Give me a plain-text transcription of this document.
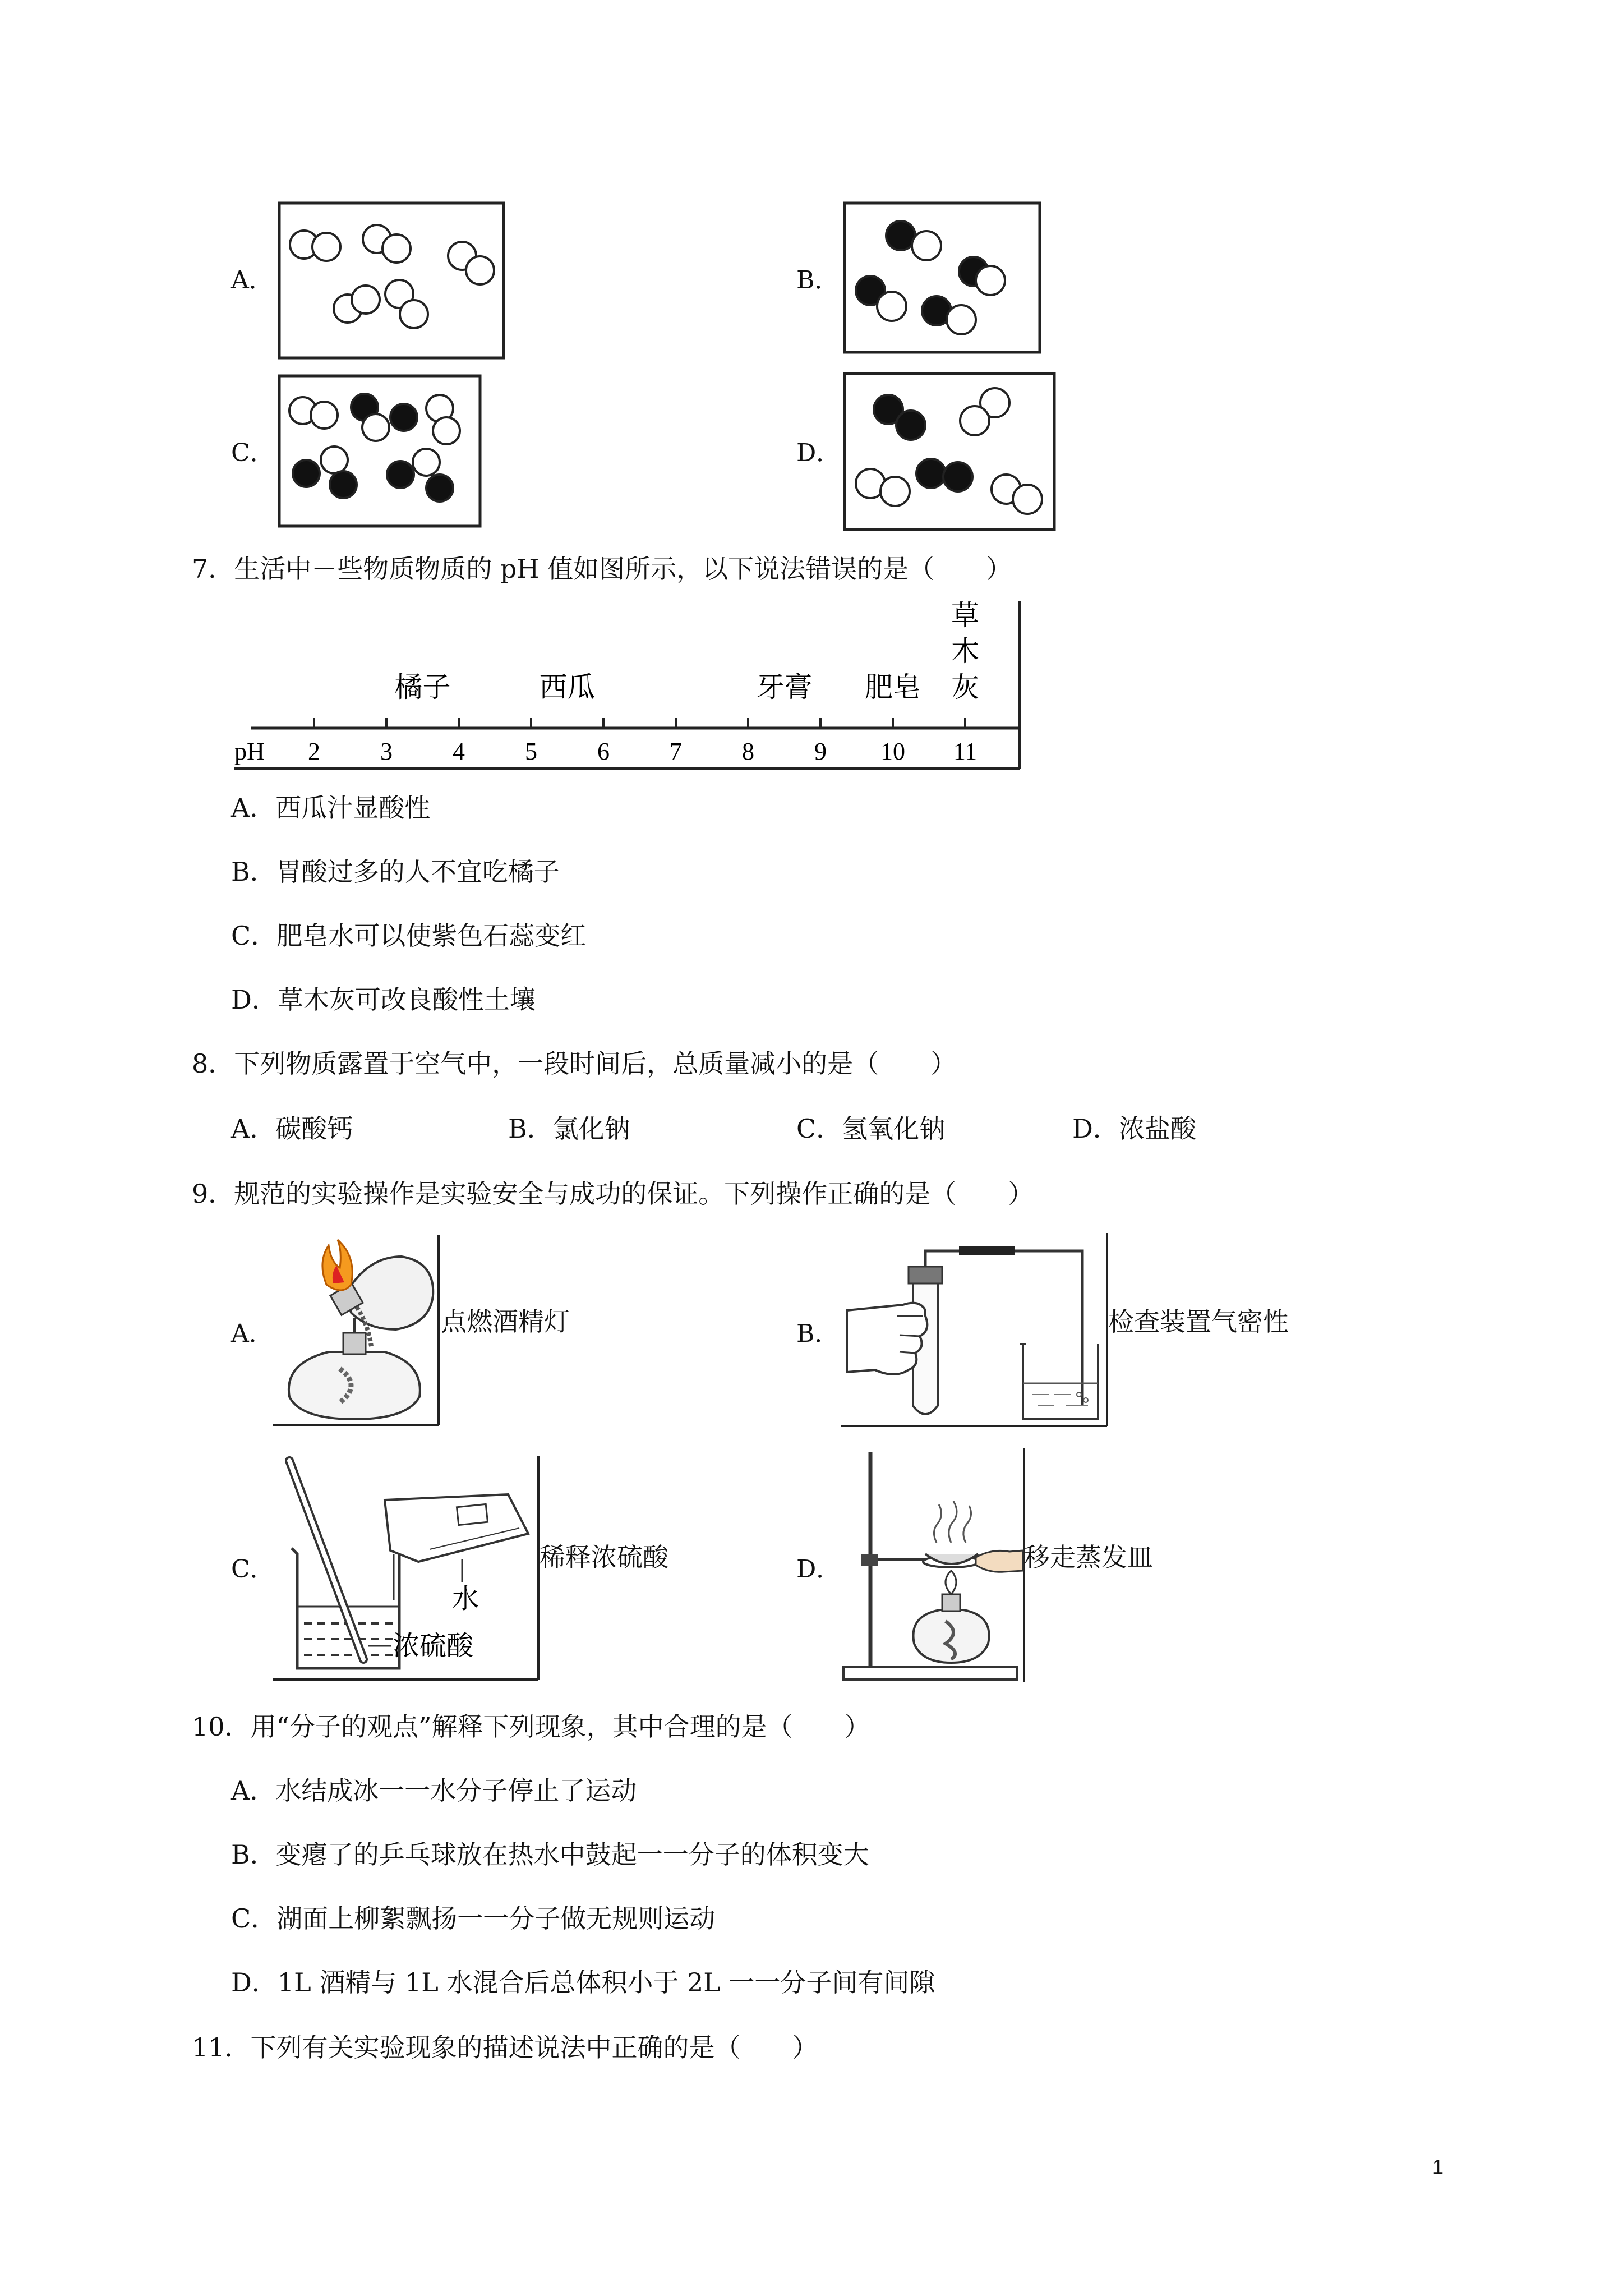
A．	B．
C．	D．
7．生活中－些物质物质的 pH 值如图所示，以下说法错误的是（　　）
2 3 4 5 6 7 8 9 10 11
橘子	西瓜	牙膏 肥皂
草
木
灰
pH
A．西瓜汁显酸性
B．胃酸过多的人不宜吃橘子
C．肥皂水可以使紫色石蕊变红
D．草木灰可改良酸性土壤
8．下列物质露置于空气中，一段时间后，总质量减小的是（　　）
A．碳酸钙	B．氯化钠	C．氢氧化钠	D．浓盐酸
9．规范的实验操作是实验安全与成功的保证。下列操作正确的是（　　）
A．	点燃酒精灯	B．	检查装置气密性
C．
水
浓硫酸
稀释浓硫酸	D．	移走蒸发皿
10．用“分子的观点”解释下列现象，其中合理的是（　　）
A．水结成冰一一水分子停止了运动
B．变瘪了的乒乓球放在热水中鼓起一一分子的体积变大
C．湖面上柳絮飘扬一一分子做无规则运动
D．1L 酒精与 1L 水混合后总体积小于 2L 一一分子间有间隙
11．下列有关实验现象的描述说法中正确的是（　　）
1
